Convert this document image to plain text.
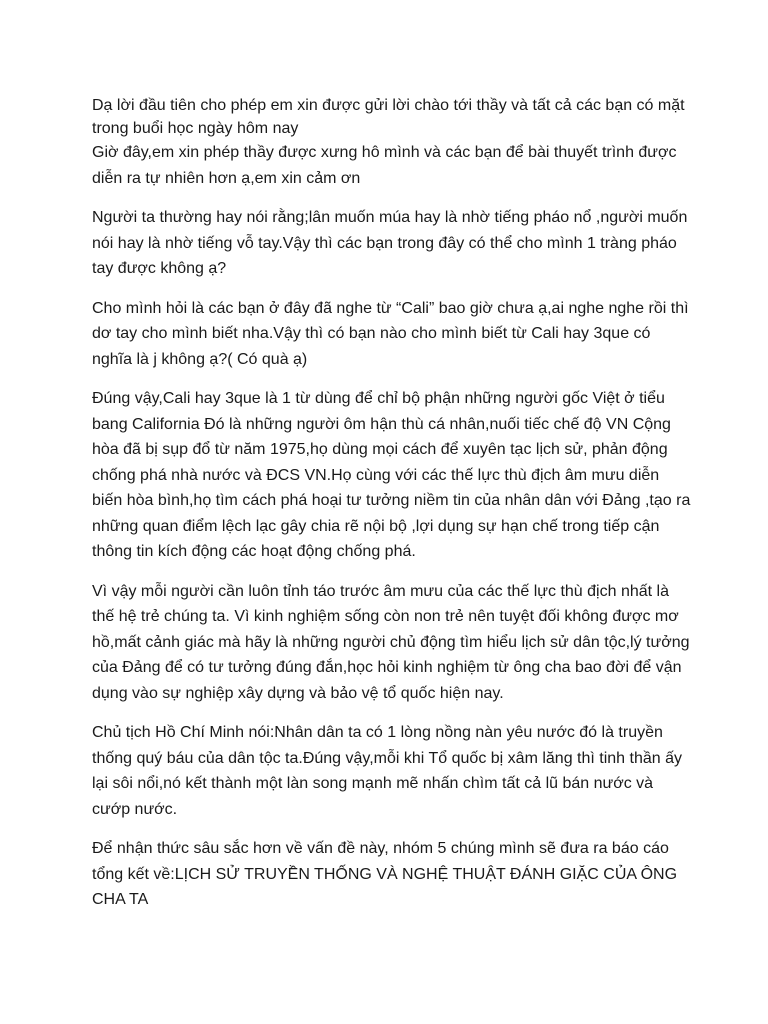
Dạ lời đầu tiên cho phép em xin được gửi lời chào tới thầy và tất cả các bạn có mặt trong buổi học ngày hôm nay

Giờ đây,em xin phép thầy được xưng hô mình và các bạn để bài thuyết trình được diễn ra tự nhiên hơn ạ,em xin cảm ơn

Người ta thường hay nói rằng;lân muốn múa hay là nhờ tiếng pháo nổ ,người muốn nói hay là nhờ tiếng vỗ tay.Vậy thì các bạn trong đây có thể cho mình 1 tràng pháo tay được không ạ?

Cho mình hỏi là các bạn ở đây đã nghe từ “Cali” bao giờ chưa ạ,ai nghe nghe rồi thì dơ tay cho mình biết nha.Vậy thì có bạn nào cho mình biết từ Cali hay 3que có nghĩa là j không ạ?( Có quà ạ)

Đúng vậy,Cali hay 3que là 1 từ dùng để chỉ bộ phận những người gốc Việt ở tiểu bang California Đó là những người ôm hận thù cá nhân,nuối tiếc chế độ VN Cộng hòa đã bị sụp đổ từ năm 1975,họ dùng mọi cách để xuyên tạc lịch sử, phản động chống phá nhà nước và ĐCS VN.Họ cùng với các thế lực thù địch âm mưu diễn biến hòa bình,họ tìm cách phá hoại tư tưởng niềm tin của nhân dân với Đảng ,tạo ra những quan điểm lệch lạc gây chia rẽ nội bộ ,lợi dụng sự hạn chế trong tiếp cận thông tin kích động các hoạt động chống phá.

Vì vậy mỗi người cần luôn tỉnh táo trước âm mưu của các thế lực thù địch nhất là thế hệ trẻ chúng ta. Vì kinh nghiệm sống còn non trẻ nên tuyệt đối không được mơ hồ,mất cảnh giác mà hãy là những người chủ động tìm hiểu lịch sử dân tộc,lý tưởng của Đảng để có tư tưởng đúng đắn,học hỏi kinh nghiệm từ ông cha bao đời để vận dụng vào sự nghiệp xây dựng và bảo vệ tổ quốc hiện nay.

Chủ tịch Hồ Chí Minh nói:Nhân dân ta có 1 lòng nồng nàn yêu nước đó là truyền thống quý báu của dân tộc ta.Đúng vậy,mỗi khi Tổ quốc bị xâm lăng thì tinh thần ấy lại sôi nổi,nó kết thành một làn song mạnh mẽ nhấn chìm tất cả lũ bán nước và cướp nước.

Để nhận thức sâu sắc hơn về vấn đề này, nhóm 5 chúng mình sẽ đưa ra báo cáo tổng kết về:LỊCH SỬ TRUYỀN THỐNG VÀ NGHỆ THUẬT ĐÁNH GIẶC CỦA ÔNG CHA TA
